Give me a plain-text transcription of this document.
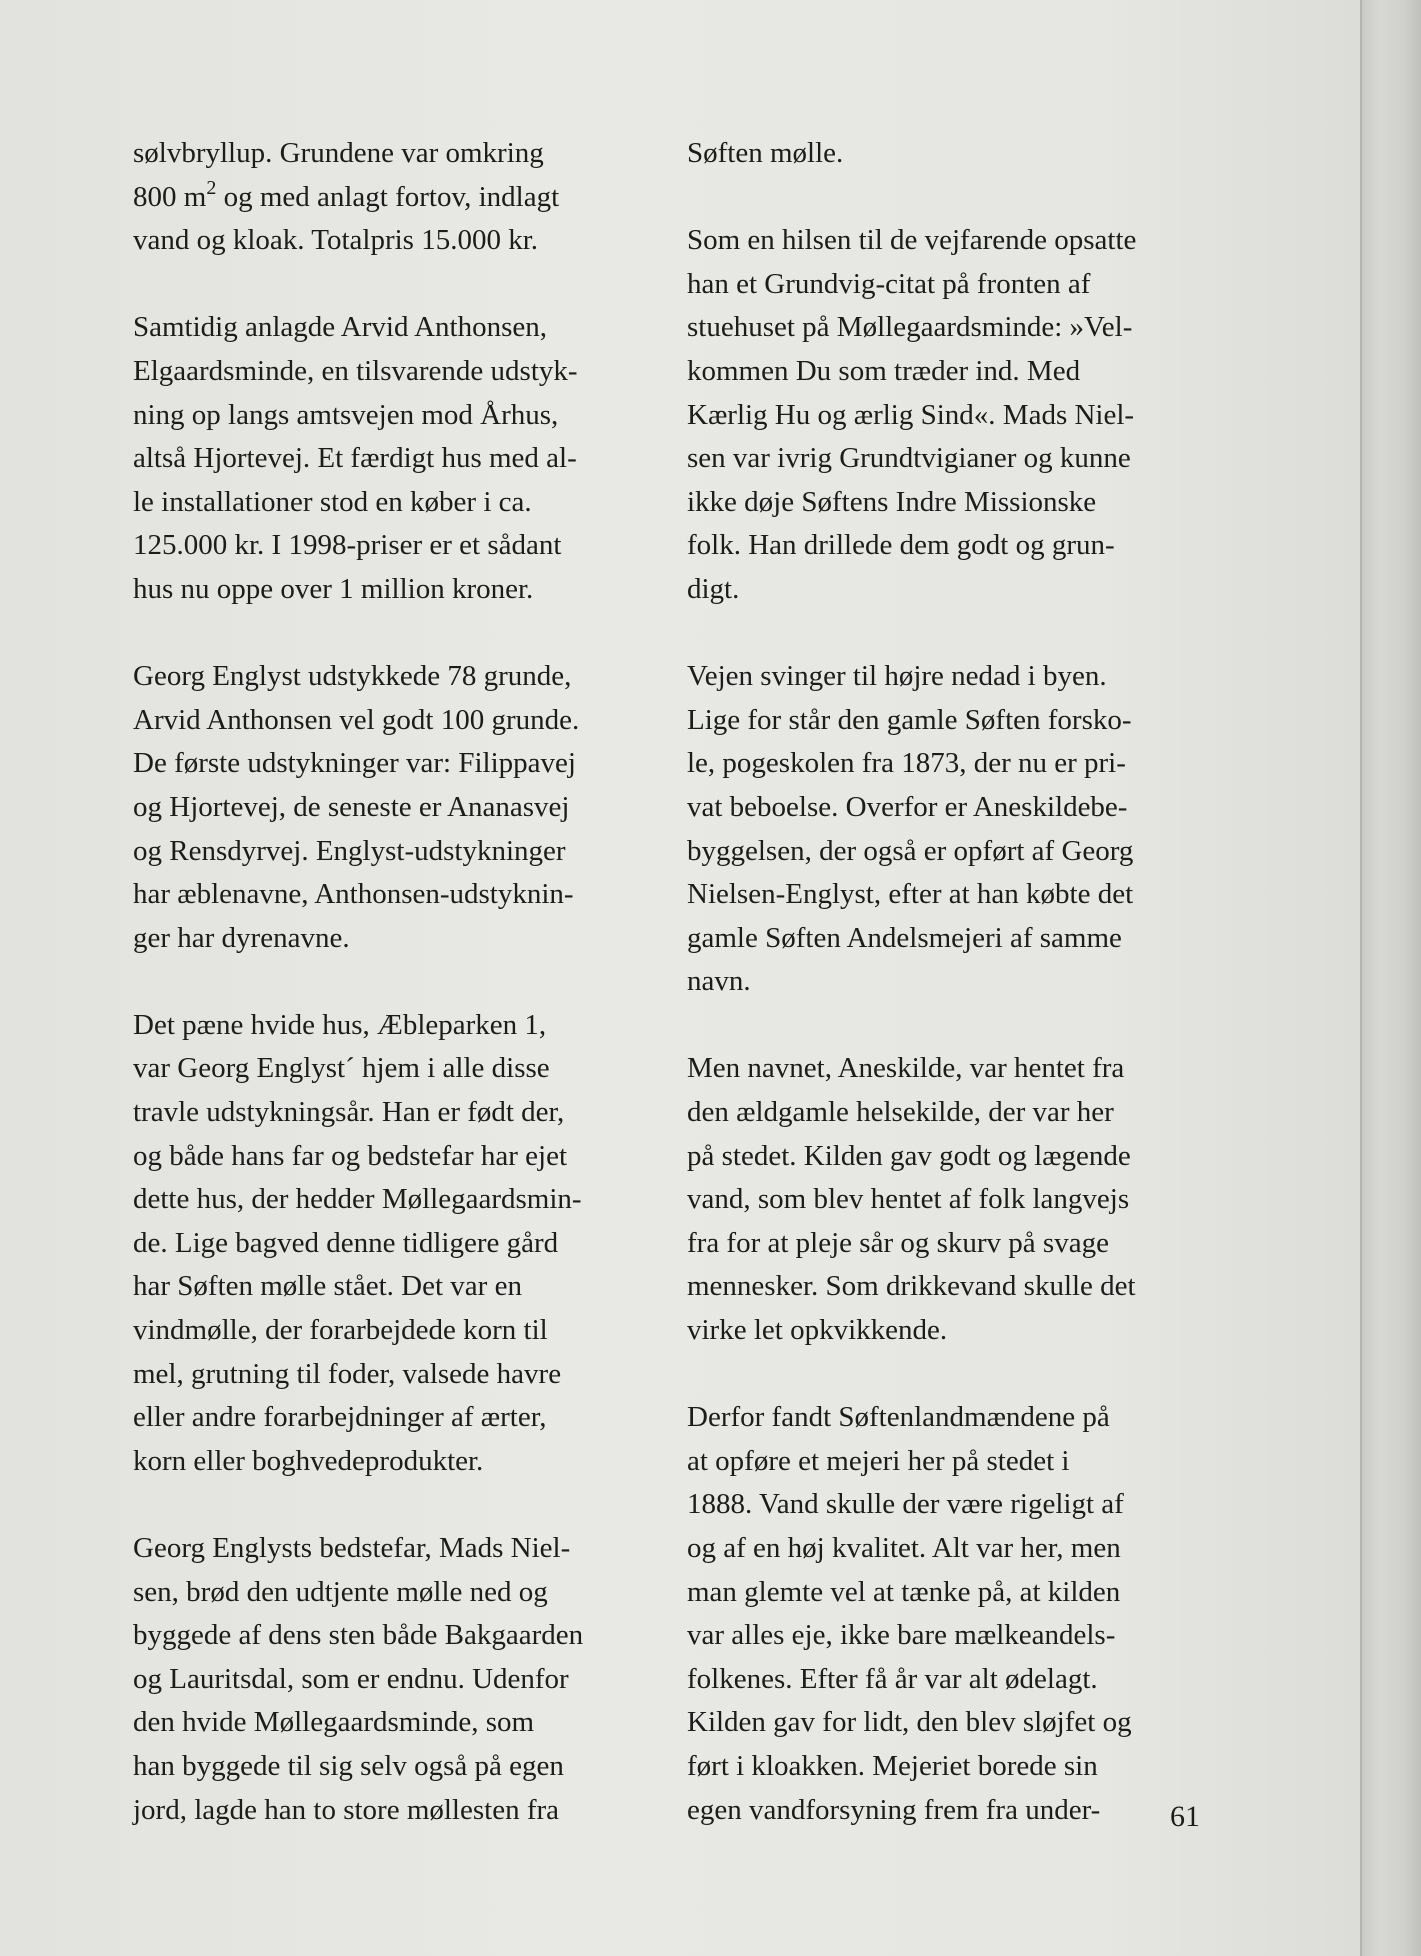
sølvbryllup. Grundene var omkring
800 $m^2$ og med anlagt fortov, indlagt
vand og kloak. Totalpris 15.000 kr.

Samtidig anlagde Arvid Anthonsen,
Elgaardsminde, en tilsvarende udstyk-
ning op langs amtsvejen mod Århus,
altså Hjortevej. Et færdigt hus med al-
le installationer stod en køber i ca.
125.000 kr. I 1998-priser er et sådant
hus nu oppe over 1 million kroner.

Georg Englyst udstykkede 78 grunde,
Arvid Anthonsen vel godt 100 grunde.
De første udstykninger var: Filippavej
og Hjortevej, de seneste er Ananasvej
og Rensdyrvej. Englyst-udstykninger
har æblenavne, Anthonsen-udstyknin-
ger har dyrenavne.

Det pæne hvide hus, Æbleparken 1,
var Georg Englyst´ hjem i alle disse
travle udstykningsår. Han er født der,
og både hans far og bedstefar har ejet
dette hus, der hedder Møllegaardsmin-
de. Lige bagved denne tidligere gård
har Søften mølle stået. Det var en
vindmølle, der forarbejdede korn til
mel, grutning til foder, valsede havre
eller andre forarbejdninger af ærter,
korn eller boghvedeprodukter.

Georg Englysts bedstefar, Mads Niel-
sen, brød den udtjente mølle ned og
byggede af dens sten både Bakgaarden
og Lauritsdal, som er endnu. Udenfor
den hvide Møllegaardsminde, som
han byggede til sig selv også på egen
jord, lagde han to store møllesten fra

Søften mølle.

Som en hilsen til de vejfarende opsatte
han et Grundvig-citat på fronten af
stuehuset på Møllegaardsminde: »Vel-
kommen Du som træder ind. Med
Kærlig Hu og ærlig Sind«. Mads Niel-
sen var ivrig Grundtvigianer og kunne
ikke døje Søftens Indre Missionske
folk. Han drillede dem godt og grun-
digt.

Vejen svinger til højre nedad i byen.
Lige for står den gamle Søften forsko-
le, pogeskolen fra 1873, der nu er pri-
vat beboelse. Overfor er Aneskildebe-
byggelsen, der også er opført af Georg
Nielsen-Englyst, efter at han købte det
gamle Søften Andelsmejeri af samme
navn.

Men navnet, Aneskilde, var hentet fra
den ældgamle helsekilde, der var her
på stedet. Kilden gav godt og lægende
vand, som blev hentet af folk langvejs
fra for at pleje sår og skurv på svage
mennesker. Som drikkevand skulle det
virke let opkvikkende.

Derfor fandt Søftenlandmændene på
at opføre et mejeri her på stedet i
1888. Vand skulle der være rigeligt af
og af en høj kvalitet. Alt var her, men
man glemte vel at tænke på, at kilden
var alles eje, ikke bare mælkeandels-
folkenes. Efter få år var alt ødelagt.
Kilden gav for lidt, den blev sløjfet og
ført i kloakken. Mejeriet borede sin
egen vandforsyning frem fra under-	61
